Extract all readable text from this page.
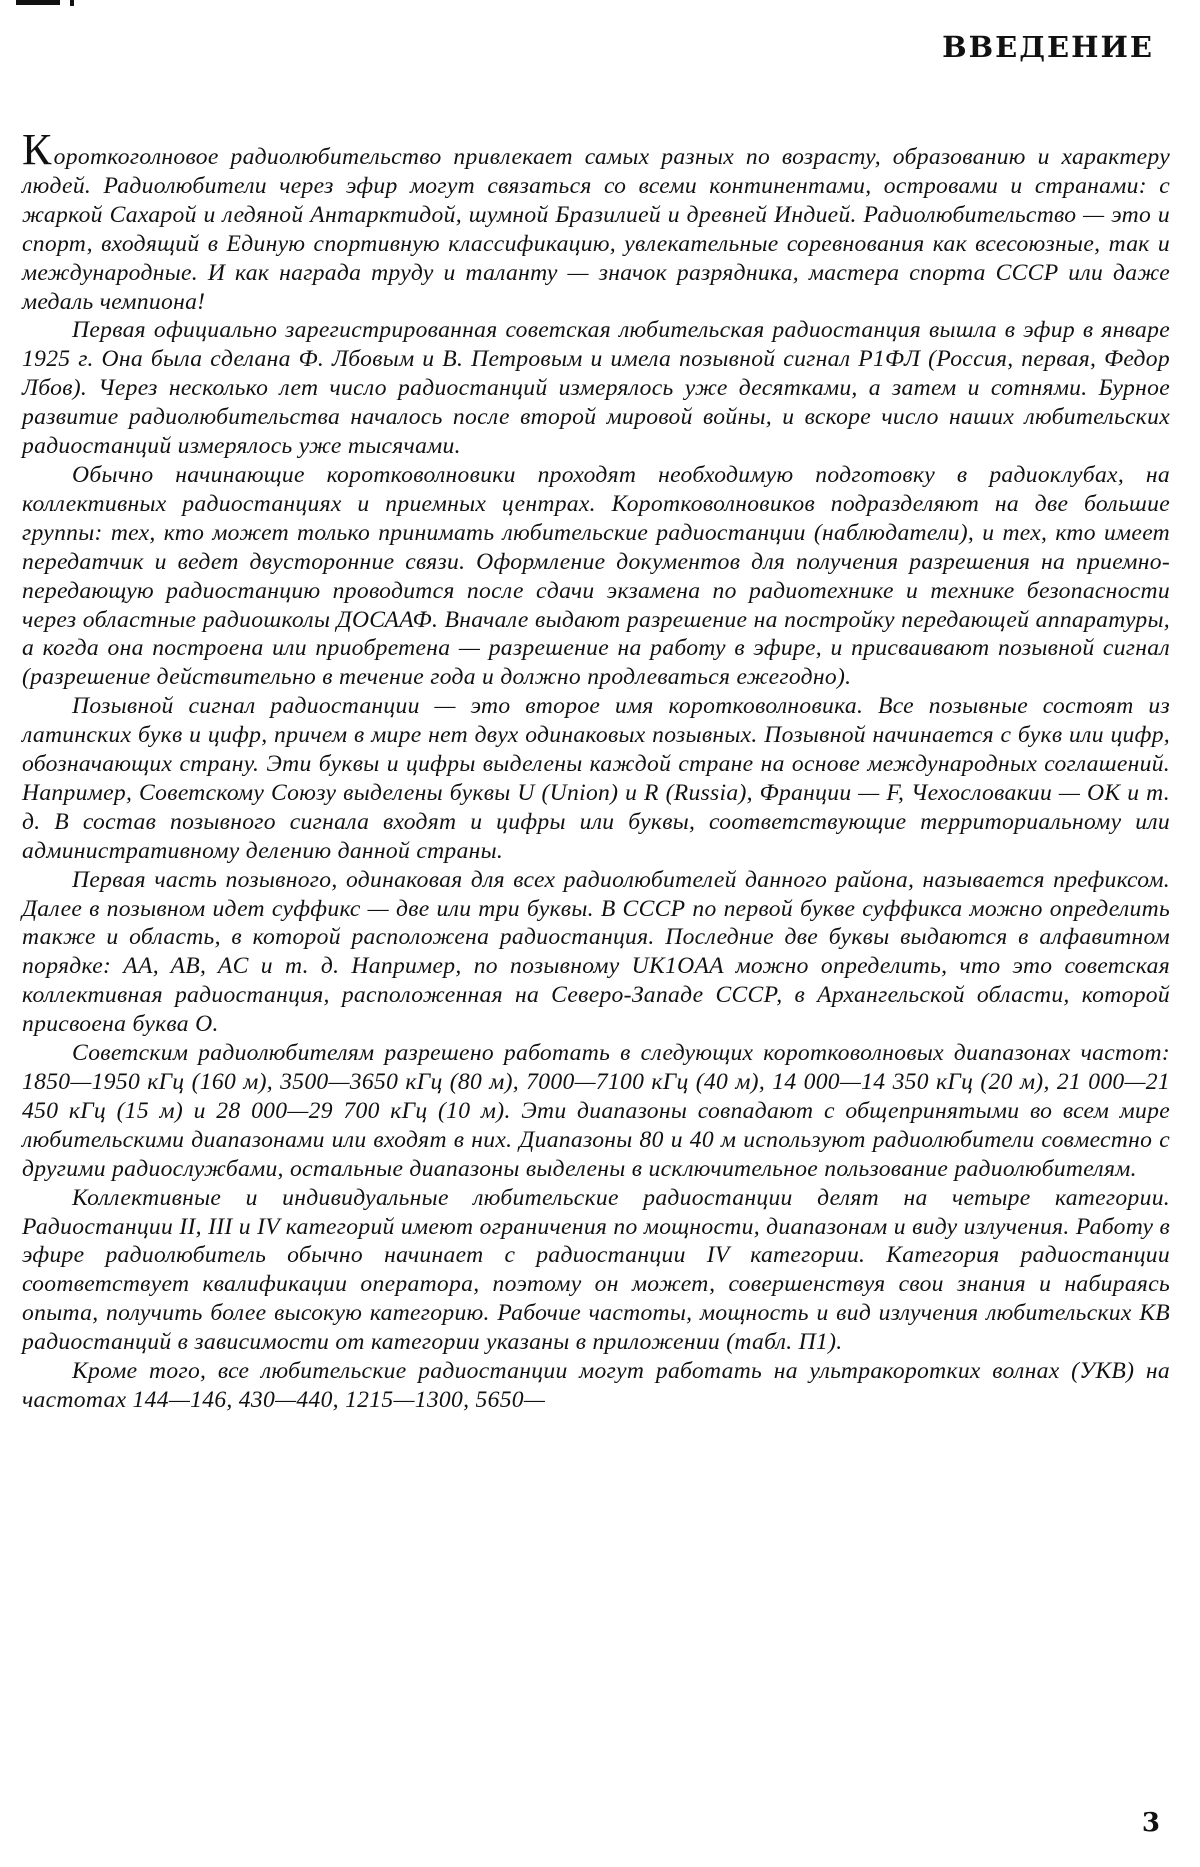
ВВЕДЕНИЕ

Короткоголновое радиолюбительство привлекает самых разных по возрасту, образованию и характеру людей. Радиолюбители через эфир могут связаться со всеми континентами, островами и странами: с жаркой Сахарой и ледяной Антарктидой, шумной Бразилией и древней Индией. Радиолюбительство — это и спорт, входящий в Единую спортивную классификацию, увлекательные соревнования как всесоюзные, так и международные. И как награда труду и таланту — значок разрядника, мастера спорта СССР или даже медаль чемпиона!

Первая официально зарегистрированная советская любительская радиостанция вышла в эфир в январе 1925 г. Она была сделана Ф. Лбовым и В. Петровым и имела позывной сигнал Р1ФЛ (Россия, первая, Федор Лбов). Через несколько лет число радиостанций измерялось уже десятками, а затем и сотнями. Бурное развитие радиолюбительства началось после второй мировой войны, и вскоре число наших любительских радиостанций измерялось уже тысячами.

Обычно начинающие коротковолновики проходят необходимую подготовку в радиоклубах, на коллективных радиостанциях и приемных центрах. Коротковолновиков подразделяют на две большие группы: тех, кто может только принимать любительские радиостанции (наблюдатели), и тех, кто имеет передатчик и ведет двусторонние связи. Оформление документов для получения разрешения на приемно-передающую радиостанцию проводится после сдачи экзамена по радиотехнике и технике безопасности через областные радиошколы ДОСААФ. Вначале выдают разрешение на постройку передающей аппаратуры, а когда она построена или приобретена — разрешение на работу в эфире, и присваивают позывной сигнал (разрешение действительно в течение года и должно продлеваться ежегодно).

Позывной сигнал радиостанции — это второе имя коротковолновика. Все позывные состоят из латинских букв и цифр, причем в мире нет двух одинаковых позывных. Позывной начинается с букв или цифр, обозначающих страну. Эти буквы и цифры выделены каждой стране на основе международных соглашений. Например, Советскому Союзу выделены буквы U (Union) и R (Russia), Франции — F, Чехословакии — OK и т. д. В состав позывного сигнала входят и цифры или буквы, соответствующие территориальному или административному делению данной страны.

Первая часть позывного, одинаковая для всех радиолюбителей данного района, называется префиксом. Далее в позывном идет суффикс — две или три буквы. В СССР по первой букве суффикса можно определить также и область, в которой расположена радиостанция. Последние две буквы выдаются в алфавитном порядке: AA, AB, AC и т. д. Например, по позывному UK1OAA можно определить, что это советская коллективная радиостанция, расположенная на Северо-Западе СССР, в Архангельской области, которой присвоена буква O.

Советским радиолюбителям разрешено работать в следующих коротковолновых диапазонах частот: 1850—1950 кГц (160 м), 3500—3650 кГц (80 м), 7000—7100 кГц (40 м), 14 000—14 350 кГц (20 м), 21 000—21 450 кГц (15 м) и 28 000—29 700 кГц (10 м). Эти диапазоны совпадают с общепринятыми во всем мире любительскими диапазонами или входят в них. Диапазоны 80 и 40 м используют радиолюбители совместно с другими радиослужбами, остальные диапазоны выделены в исключительное пользование радиолюбителям.

Коллективные и индивидуальные любительские радиостанции делят на четыре категории. Радиостанции II, III и IV категорий имеют ограничения по мощности, диапазонам и виду излучения. Работу в эфире радиолюбитель обычно начинает с радиостанции IV категории. Категория радиостанции соответствует квалификации оператора, поэтому он может, совершенствуя свои знания и набираясь опыта, получить более высокую категорию. Рабочие частоты, мощность и вид излучения любительских КВ радиостанций в зависимости от категории указаны в приложении (табл. П1).

Кроме того, все любительские радиостанции могут работать на ультракоротких волнах (УКВ) на частотах 144—146, 430—440, 1215—1300, 5650—

3
